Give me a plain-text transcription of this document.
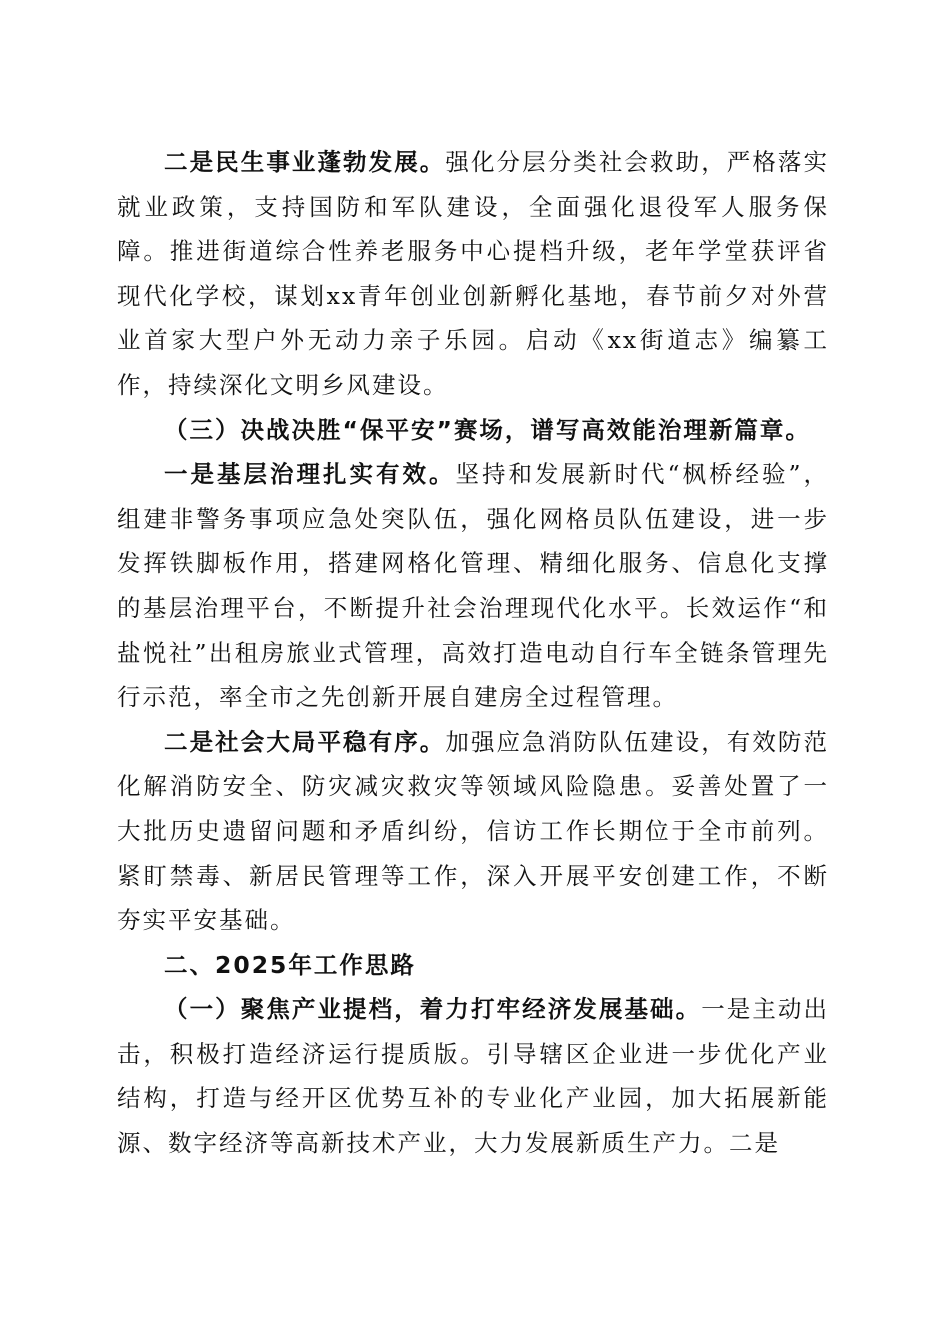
二是民生事业蓬勃发展。强化分层分类社会救助，严格落实就业政策，支持国防和军队建设，全面强化退役军人服务保障。推进街道综合性养老服务中心提档升级，老年学堂获评省现代化学校，谋划xx青年创业创新孵化基地，春节前夕对外营业首家大型户外无动力亲子乐园。启动《xx街道志》编纂工作，持续深化文明乡风建设。

（三）决战决胜“保平安”赛场，谱写高效能治理新篇章。

一是基层治理扎实有效。坚持和发展新时代“枫桥经验”，组建非警务事项应急处突队伍，强化网格员队伍建设，进一步发挥铁脚板作用，搭建网格化管理、精细化服务、信息化支撑的基层治理平台，不断提升社会治理现代化水平。长效运作“和盐悦社”出租房旅业式管理，高效打造电动自行车全链条管理先行示范，率全市之先创新开展自建房全过程管理。

二是社会大局平稳有序。加强应急消防队伍建设，有效防范化解消防安全、防灾减灾救灾等领域风险隐患。妥善处置了一大批历史遗留问题和矛盾纠纷，信访工作长期位于全市前列。紧盯禁毒、新居民管理等工作，深入开展平安创建工作，不断夯实平安基础。

二、2025年工作思路

（一）聚焦产业提档，着力打牢经济发展基础。一是主动出击，积极打造经济运行提质版。引导辖区企业进一步优化产业结构，打造与经开区优势互补的专业化产业园，加大拓展新能源、数字经济等高新技术产业，大力发展新质生产力。二是
